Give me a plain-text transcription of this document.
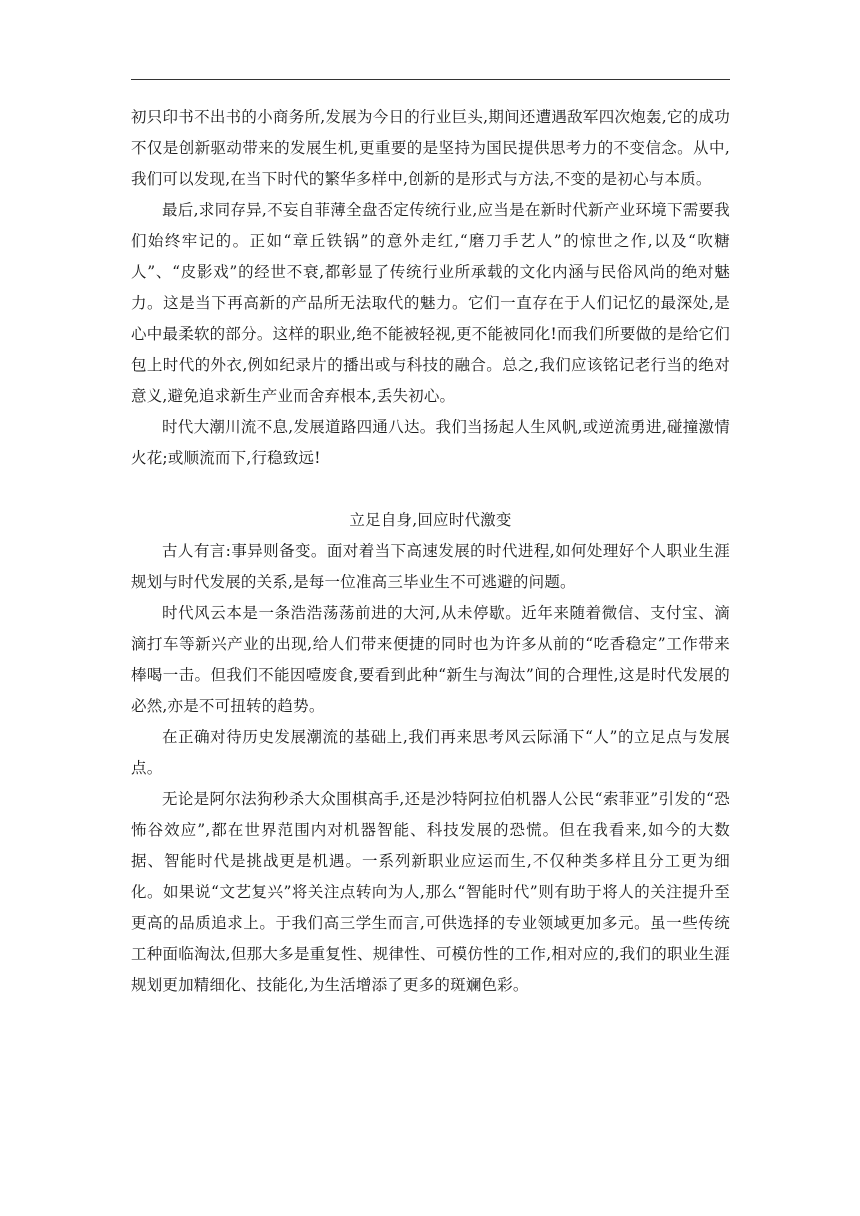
初只印书不出书的小商务所,发展为今日的行业巨头,期间还遭遇敌军四次炮轰,它的成功不仅是创新驱动带来的发展生机,更重要的是坚持为国民提供思考力的不变信念。从中,我们可以发现,在当下时代的繁华多样中,创新的是形式与方法,不变的是初心与本质。

最后,求同存异,不妄自菲薄全盘否定传统行业,应当是在新时代新产业环境下需要我们始终牢记的。正如“章丘铁锅”的意外走红,“磨刀手艺人”的惊世之作,以及“吹糖人”、“皮影戏”的经世不衰,都彰显了传统行业所承载的文化内涵与民俗风尚的绝对魅力。这是当下再高新的产品所无法取代的魅力。它们一直存在于人们记忆的最深处,是心中最柔软的部分。这样的职业,绝不能被轻视,更不能被同化!而我们所要做的是给它们包上时代的外衣,例如纪录片的播出或与科技的融合。总之,我们应该铭记老行当的绝对意义,避免追求新生产业而舍弃根本,丢失初心。

时代大潮川流不息,发展道路四通八达。我们当扬起人生风帆,或逆流勇进,碰撞激情火花;或顺流而下,行稳致远!

立足自身,回应时代激变

古人有言:事异则备变。面对着当下高速发展的时代进程,如何处理好个人职业生涯规划与时代发展的关系,是每一位准高三毕业生不可逃避的问题。

时代风云本是一条浩浩荡荡前进的大河,从未停歇。近年来随着微信、支付宝、滴滴打车等新兴产业的出现,给人们带来便捷的同时也为许多从前的“吃香稳定”工作带来棒喝一击。但我们不能因噎废食,要看到此种“新生与淘汰”间的合理性,这是时代发展的必然,亦是不可扭转的趋势。

在正确对待历史发展潮流的基础上,我们再来思考风云际涌下“人”的立足点与发展点。

无论是阿尔法狗秒杀大众围棋高手,还是沙特阿拉伯机器人公民“索菲亚”引发的“恐怖谷效应”,都在世界范围内对机器智能、科技发展的恐慌。但在我看来,如今的大数据、智能时代是挑战更是机遇。一系列新职业应运而生,不仅种类多样且分工更为细化。如果说“文艺复兴”将关注点转向为人,那么“智能时代”则有助于将人的关注提升至更高的品质追求上。于我们高三学生而言,可供选择的专业领域更加多元。虽一些传统工种面临淘汰,但那大多是重复性、规律性、可模仿性的工作,相对应的,我们的职业生涯规划更加精细化、技能化,为生活增添了更多的斑斓色彩。
